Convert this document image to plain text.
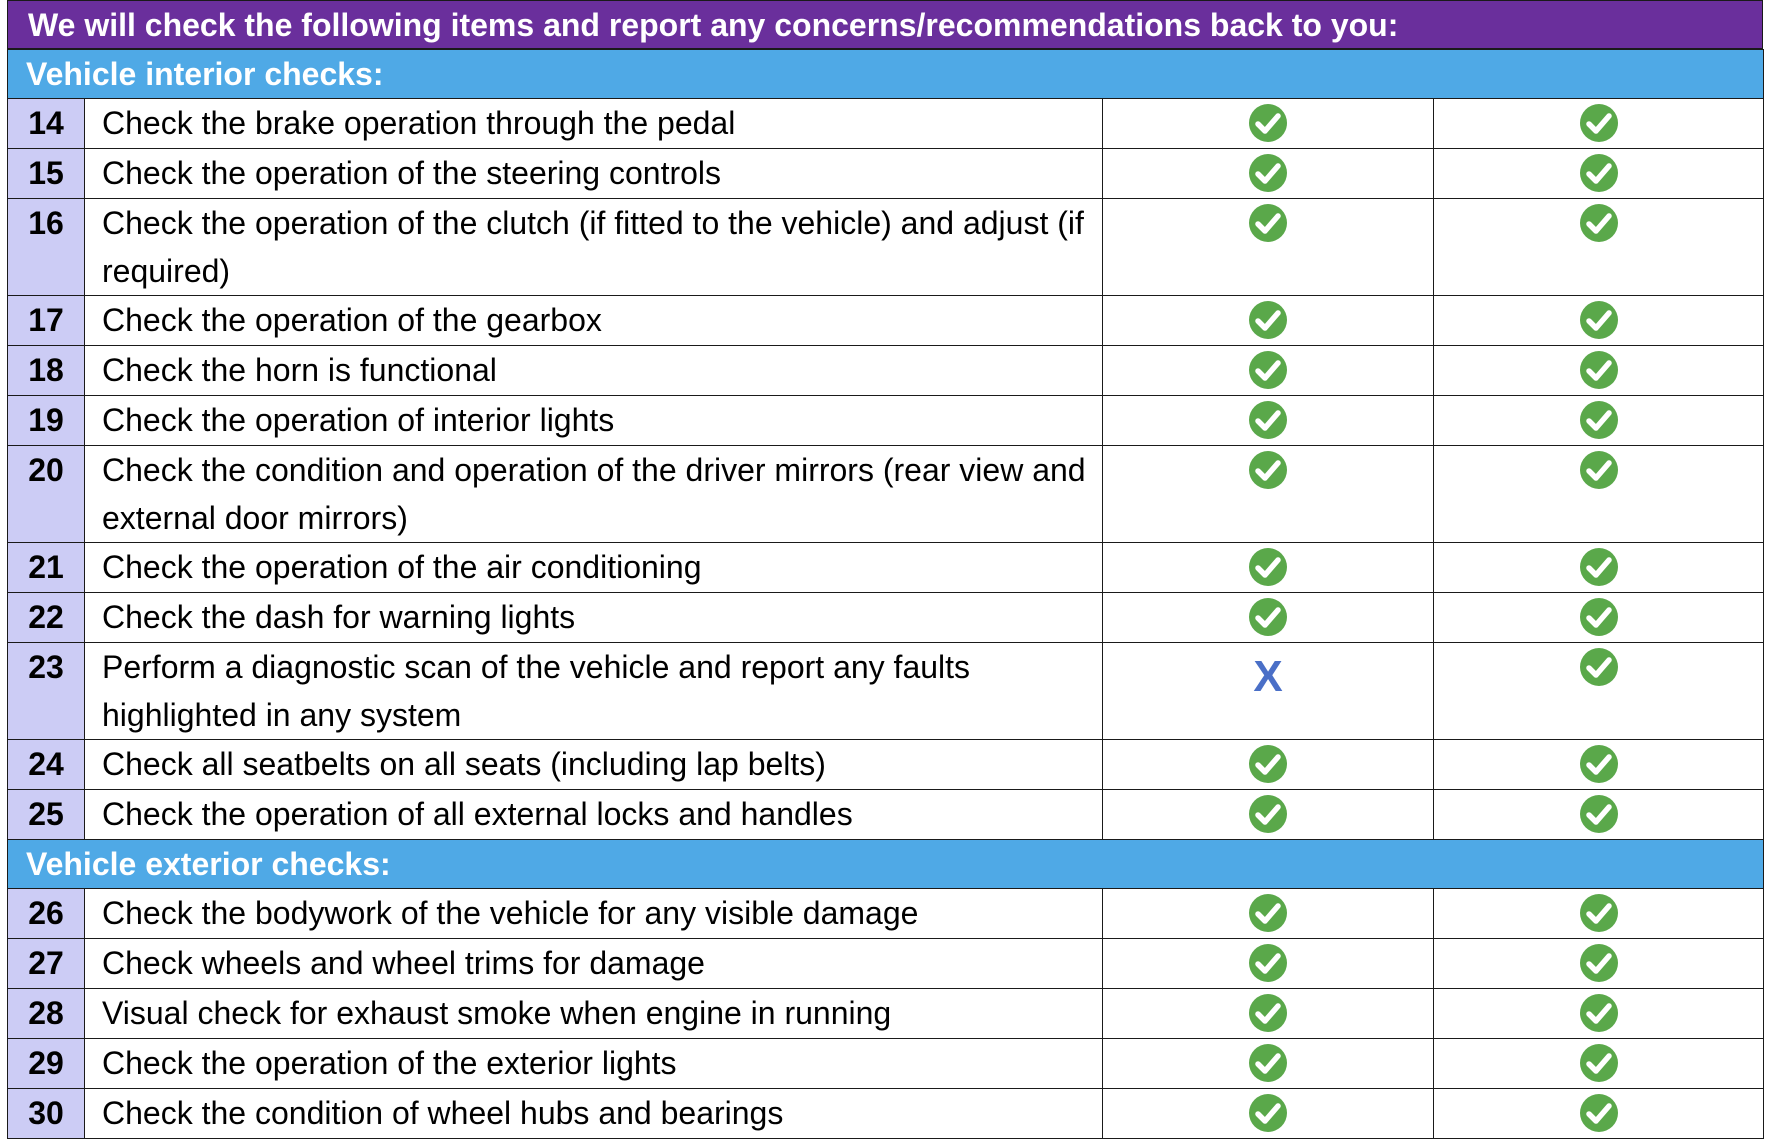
We will check the following items and report any concerns/recommendations back to you:
Vehicle interior checks:			
14	Check the brake operation through the pedal		
15	Check the operation of the steering controls		
16	Check the operation of the clutch (if fitted to the vehicle) and adjust (if required)		
17	Check the operation of the gearbox		
18	Check the horn is functional		
19	Check the operation of interior lights		
20	Check the condition and operation of the driver mirrors (rear view and external door mirrors)		
21	Check the operation of the air conditioning		
22	Check the dash for warning lights		
23	Perform a diagnostic scan of the vehicle and report any faults highlighted in any system	X	
24	Check all seatbelts on all seats (including lap belts)		
25	Check the operation of all external locks and handles		
Vehicle exterior checks:			
26	Check the bodywork of the vehicle for any visible damage		
27	Check wheels and wheel trims for damage		
28	Visual check for exhaust smoke when engine in running		
29	Check the operation of the exterior lights		
30	Check the condition of wheel hubs and bearings		
